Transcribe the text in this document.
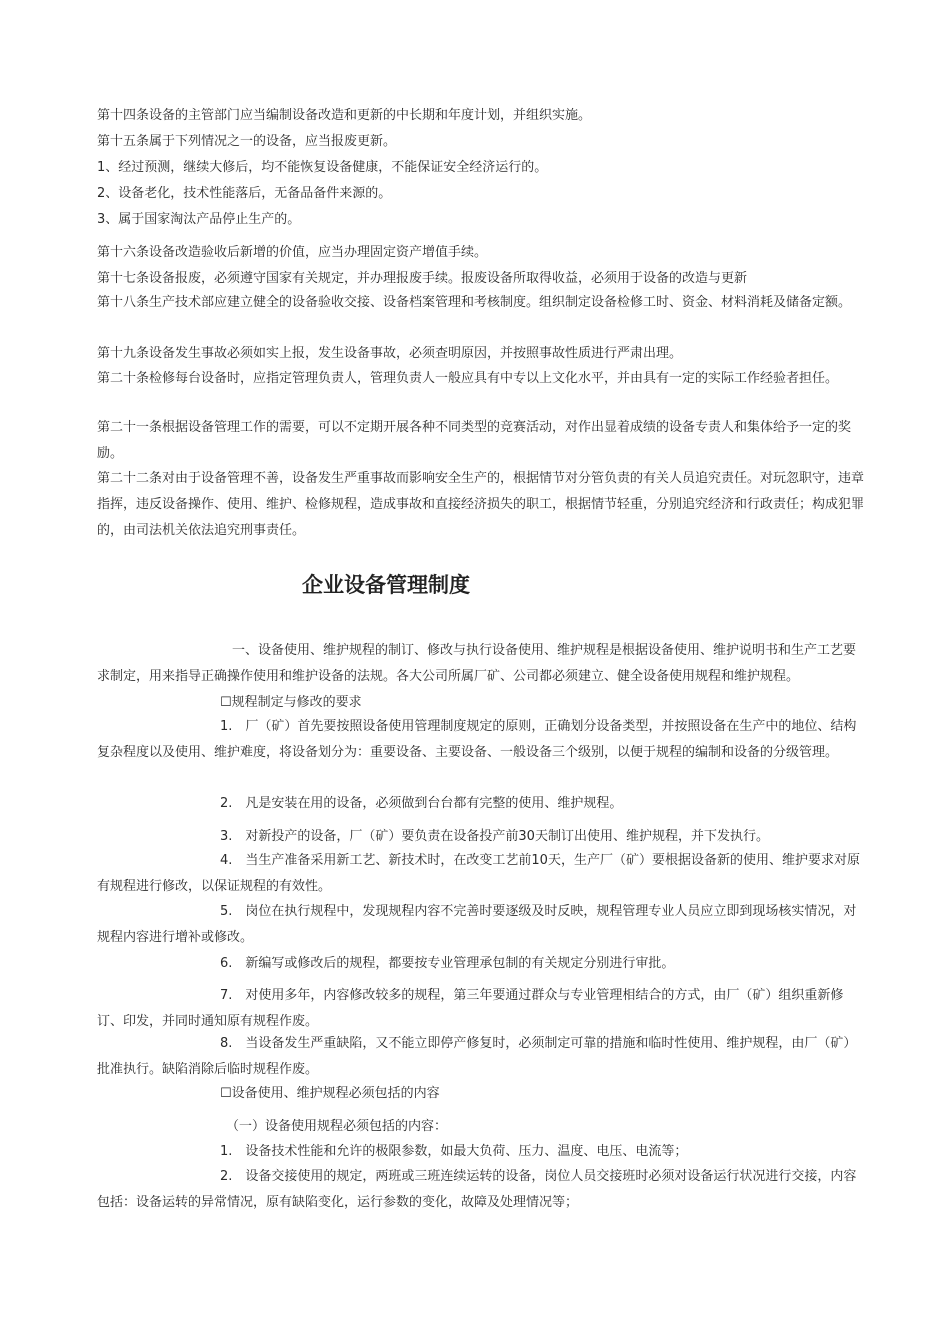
第十四条设备的主管部门应当编制设备改造和更新的中长期和年度计划，并组织实施。

第十五条属于下列情况之一的设备，应当报废更新。

1、经过预测，继续大修后，均不能恢复设备健康，不能保证安全经济运行的。

2、设备老化，技术性能落后，无备品备件来源的。

3、属于国家淘汰产品停止生产的。

第十六条设备改造验收后新增的价值，应当办理固定资产增值手续。

第十七条设备报废，必须遵守国家有关规定，并办理报废手续。报废设备所取得收益，必须用于设备的改造与更新

第十八条生产技术部应建立健全的设备验收交接、设备档案管理和考核制度。组织制定设备检修工时、资金、材料消耗及储备定额。

第十九条设备发生事故必须如实上报，发生设备事故，必须查明原因，并按照事故性质进行严肃出理。

第二十条检修每台设备时，应指定管理负责人，管理负责人一般应具有中专以上文化水平，并由具有一定的实际工作经验者担任。

第二十一条根据设备管理工作的需要，可以不定期开展各种不同类型的竞赛活动，对作出显着成绩的设备专责人和集体给予一定的奖励。

第二十二条对由于设备管理不善，设备发生严重事故而影响安全生产的，根据情节对分管负责的有关人员追究责任。对玩忽职守，违章指挥，违反设备操作、使用、维护、检修规程，造成事故和直接经济损失的职工，根据情节轻重，分别追究经济和行政责任；构成犯罪的，由司法机关依法追究刑事责任。

企业设备管理制度

一、设备使用、维护规程的制订、修改与执行设备使用、维护规程是根据设备使用、维护说明书和生产工艺要求制定，用来指导正确操作使用和维护设备的法规。各大公司所属厂矿、公司都必须建立、健全设备使用规程和维护规程。

☐规程制定与修改的要求

1.　厂（矿）首先要按照设备使用管理制度规定的原则，正确划分设备类型，并按照设备在生产中的地位、结构复杂程度以及使用、维护难度，将设备划分为：重要设备、主要设备、一般设备三个级别，以便于规程的编制和设备的分级管理。

2.　凡是安装在用的设备，必须做到台台都有完整的使用、维护规程。

3.　对新投产的设备，厂（矿）要负责在设备投产前30天制订出使用、维护规程，并下发执行。

4.　当生产准备采用新工艺、新技术时，在改变工艺前10天，生产厂（矿）要根据设备新的使用、维护要求对原有规程进行修改，以保证规程的有效性。

5.　岗位在执行规程中，发现规程内容不完善时要逐级及时反映，规程管理专业人员应立即到现场核实情况，对规程内容进行增补或修改。

6.　新编写或修改后的规程，都要按专业管理承包制的有关规定分别进行审批。

7.　对使用多年，内容修改较多的规程，第三年要通过群众与专业管理相结合的方式，由厂（矿）组织重新修订、印发，并同时通知原有规程作废。

8.　当设备发生严重缺陷，又不能立即停产修复时，必须制定可靠的措施和临时性使用、维护规程，由厂（矿）批准执行。缺陷消除后临时规程作废。

☐设备使用、维护规程必须包括的内容

（一）设备使用规程必须包括的内容：

1.　设备技术性能和允许的极限参数，如最大负荷、压力、温度、电压、电流等；

2.　设备交接使用的规定，两班或三班连续运转的设备，岗位人员交接班时必须对设备运行状况进行交接，内容包括：设备运转的异常情况，原有缺陷变化，运行参数的变化，故障及处理情况等；
